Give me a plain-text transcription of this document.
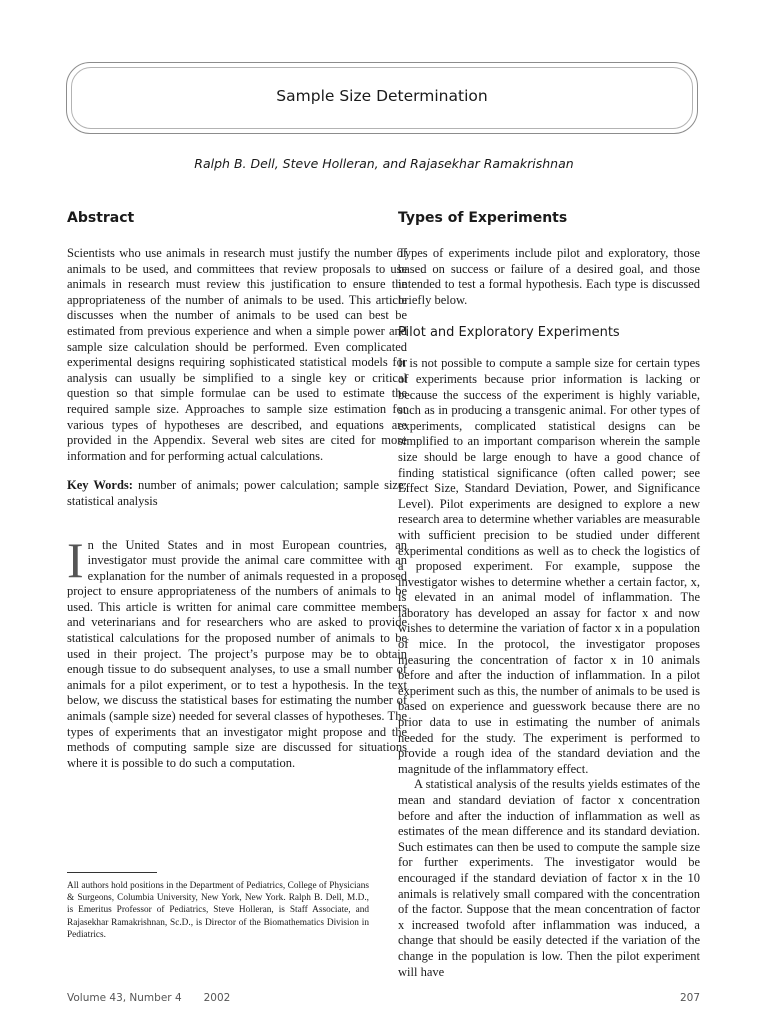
Sample Size Determination
Ralph B. Dell, Steve Holleran, and Rajasekhar Ramakrishnan
Abstract

Scientists who use animals in research must justify the number of animals to be used, and committees that review proposals to use animals in research must review this justification to ensure the appropriateness of the number of animals to be used. This article discusses when the number of animals to be used can best be estimated from previous experience and when a simple power and sample size calculation should be performed. Even complicated experimental designs requiring sophisticated statistical models for analysis can usually be simplified to a single key or critical question so that simple formulae can be used to estimate the required sample size. Approaches to sample size estimation for various types of hypotheses are described, and equations are provided in the Appendix. Several web sites are cited for more information and for performing actual calculations.

Key Words: number of animals; power calculation; sample size; statistical analysis

I n the United States and in most European countries, an investigator must provide the animal care committee with an explanation for the number of animals requested in a proposed project to ensure appropriateness of the numbers of animals to be used. This article is written for animal care committee members and veterinarians and for researchers who are asked to provide statistical calculations for the proposed number of animals to be used in their project. The project’s purpose may be to obtain enough tissue to do subsequent analyses, to use a small number of animals for a pilot experiment, or to test a hypothesis. In the text below, we discuss the statistical bases for estimating the number of animals (sample size) needed for several classes of hypotheses. The types of experiments that an investigator might propose and the methods of computing sample size are discussed for situations where it is possible to do such a computation.

All authors hold positions in the Department of Pediatrics, College of Physicians & Surgeons, Columbia University, New York, New York. Ralph B. Dell, M.D., is Emeritus Professor of Pediatrics, Steve Holleran, is Staff Associate, and Rajasekhar Ramakrishnan, Sc.D., is Director of the Biomathematics Division in Pediatrics.

Types of Experiments

Types of experiments include pilot and exploratory, those based on success or failure of a desired goal, and those intended to test a formal hypothesis. Each type is discussed briefly below.

Pilot and Exploratory Experiments

It is not possible to compute a sample size for certain types of experiments because prior information is lacking or because the success of the experiment is highly variable, such as in producing a transgenic animal. For other types of experiments, complicated statistical designs can be simplified to an important comparison wherein the sample size should be large enough to have a good chance of finding statistical significance (often called power; see Effect Size, Standard Deviation, Power, and Significance Level). Pilot experiments are designed to explore a new research area to determine whether variables are measurable with sufficient precision to be studied under different experimental conditions as well as to check the logistics of a proposed experiment. For example, suppose the investigator wishes to determine whether a certain factor, x, is elevated in an animal model of inflammation. The laboratory has developed an assay for factor x and now wishes to determine the variation of factor x in a population of mice. In the protocol, the investigator proposes measuring the concentration of factor x in 10 animals before and after the induction of inflammation. In a pilot experiment such as this, the number of animals to be used is based on experience and guesswork because there are no prior data to use in estimating the number of animals needed for the study. The experiment is performed to provide a rough idea of the standard deviation and the magnitude of the inflammatory effect.

A statistical analysis of the results yields estimates of the mean and standard deviation of factor x concentration before and after the induction of inflammation as well as estimates of the mean difference and its standard deviation. Such estimates can then be used to compute the sample size for further experiments. The investigator would be encouraged if the standard deviation of factor x in the 10 animals is relatively small compared with the concentration of the factor. Suppose that the mean concentration of factor x increased twofold after inflammation was induced, a change that should be easily detected if the variation of the change in the population is low. Then the pilot experiment will have

Volume 43, Number 4 2002	207
